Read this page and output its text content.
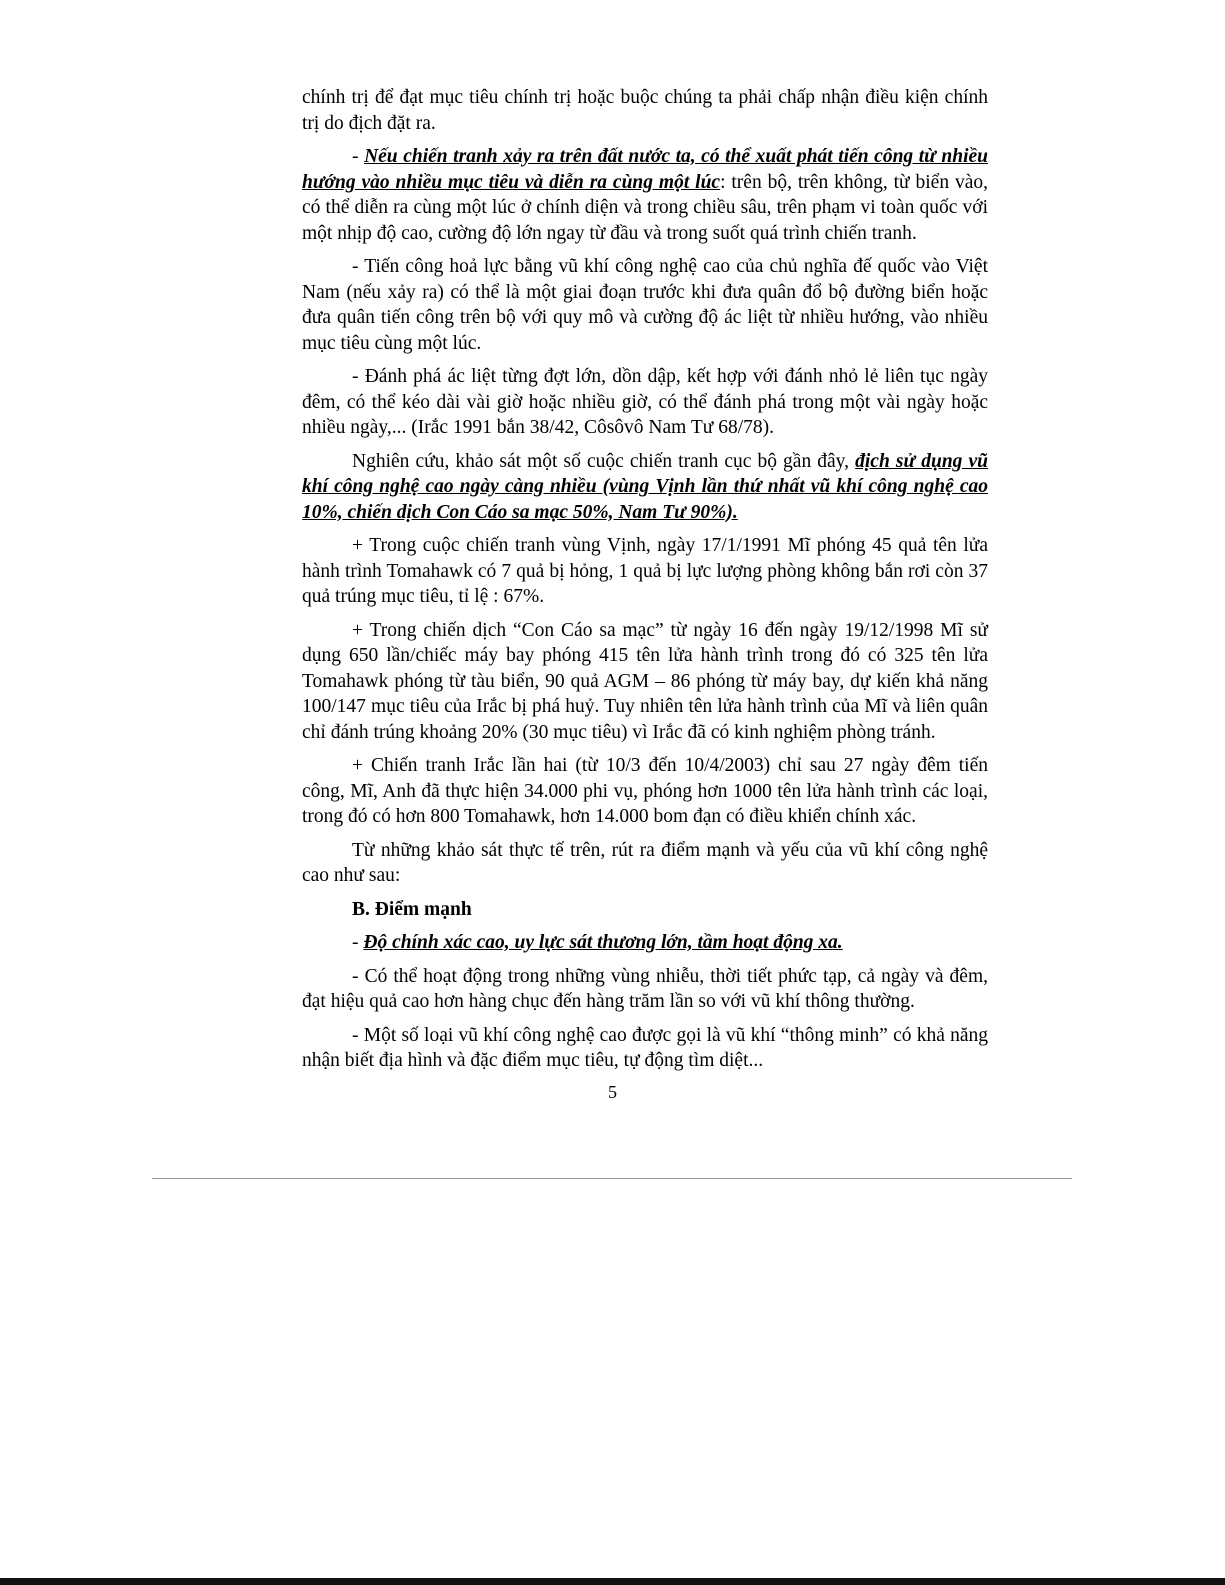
chính trị để đạt mục tiêu chính trị hoặc buộc chúng ta phải chấp nhận điều kiện chính trị do địch đặt ra.

- Nếu chiến tranh xảy ra trên đất nước ta, có thể xuất phát tiến công từ nhiều hướng vào nhiều mục tiêu và diễn ra cùng một lúc: trên bộ, trên không, từ biển vào, có thể diễn ra cùng một lúc ở chính diện và trong chiều sâu, trên phạm vi toàn quốc với một nhịp độ cao, cường độ lớn ngay từ đầu và trong suốt quá trình chiến tranh.

- Tiến công hoả lực bằng vũ khí công nghệ cao của chủ nghĩa đế quốc vào Việt Nam (nếu xảy ra) có thể là một giai đoạn trước khi đưa quân đổ bộ đường biển hoặc đưa quân tiến công trên bộ với quy mô và cường độ ác liệt từ nhiều hướng, vào nhiều mục tiêu cùng một lúc.

- Đánh phá ác liệt từng đợt lớn, dồn dập, kết hợp với đánh nhỏ lẻ liên tục ngày đêm, có thể kéo dài vài giờ hoặc nhiều giờ, có thể đánh phá trong một vài ngày hoặc nhiều ngày,... (Irắc 1991 bắn 38/42, Côsôvô Nam Tư 68/78).

Nghiên cứu, khảo sát một số cuộc chiến tranh cục bộ gần đây, địch sử dụng vũ khí công nghệ cao ngày càng nhiều (vùng Vịnh lần thứ nhất vũ khí công nghệ cao 10%, chiến dịch Con Cáo sa mạc 50%, Nam Tư 90%).

+ Trong cuộc chiến tranh vùng Vịnh, ngày 17/1/1991 Mĩ phóng 45 quả tên lửa hành trình Tomahawk có 7 quả bị hỏng, 1 quả bị lực lượng phòng không bắn rơi còn 37 quả trúng mục tiêu, tỉ lệ : 67%.

+ Trong chiến dịch “Con Cáo sa mạc” từ ngày 16 đến ngày 19/12/1998 Mĩ sử dụng 650 lần/chiếc máy bay phóng 415 tên lửa hành trình trong đó có 325 tên lửa Tomahawk phóng từ tàu biển, 90 quả AGM – 86 phóng từ máy bay, dự kiến khả năng 100/147 mục tiêu của Irắc bị phá huỷ. Tuy nhiên tên lửa hành trình của Mĩ và liên quân chỉ đánh trúng khoảng 20% (30 mục tiêu) vì Irắc đã có kinh nghiệm phòng tránh.

+ Chiến tranh Irắc lần hai (từ 10/3 đến 10/4/2003) chỉ sau 27 ngày đêm tiến công, Mĩ, Anh đã thực hiện 34.000 phi vụ, phóng hơn 1000 tên lửa hành trình các loại, trong đó có hơn 800 Tomahawk, hơn 14.000 bom đạn có điều khiển chính xác.

Từ những khảo sát thực tế trên, rút ra điểm mạnh và yếu của vũ khí công nghệ cao như sau:

B. Điểm mạnh

- Độ chính xác cao, uy lực sát thương lớn, tầm hoạt động xa.

- Có thể hoạt động trong những vùng nhiễu, thời tiết phức tạp, cả ngày và đêm, đạt hiệu quả cao hơn hàng chục đến hàng trăm lần so với vũ khí thông thường.

- Một số loại vũ khí công nghệ cao được gọi là vũ khí “thông minh” có khả năng nhận biết địa hình và đặc điểm mục tiêu, tự động tìm diệt...

5
